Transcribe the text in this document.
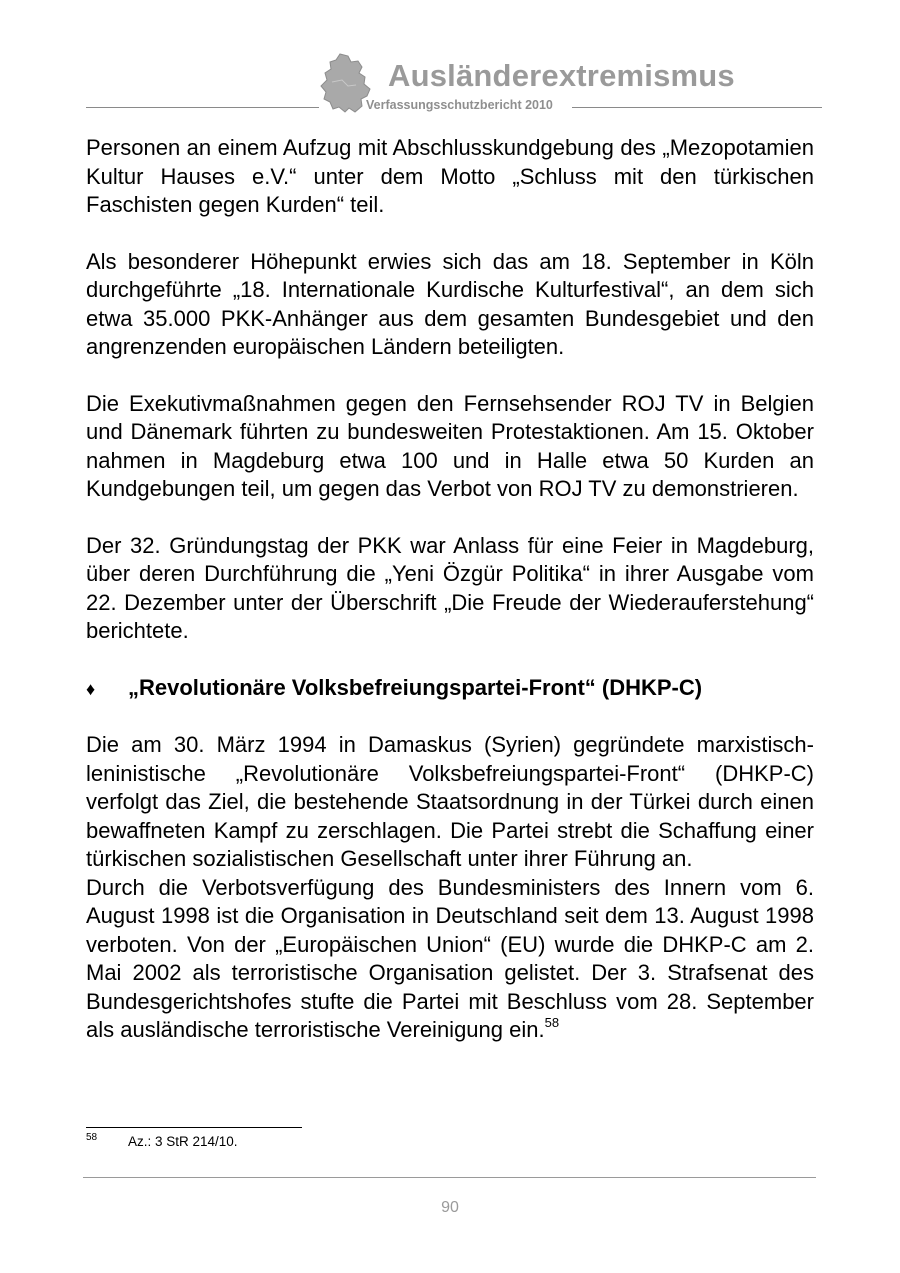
Ausländerextremismus
Verfassungsschutzbericht 2010

Personen an einem Aufzug mit Abschlusskundgebung des „Mezopotamien Kultur Hauses e.V.“ unter dem Motto „Schluss mit den türkischen Faschisten gegen Kurden“ teil.

Als besonderer Höhepunkt erwies sich das am 18. September in Köln durchgeführte „18. Internationale Kurdische Kulturfestival“, an dem sich etwa 35.000 PKK-Anhänger aus dem gesamten Bundesgebiet und den angrenzenden europäischen Ländern beteiligten.

Die Exekutivmaßnahmen gegen den Fernsehsender ROJ TV in Belgien und Dänemark führten zu bundesweiten Protestaktionen. Am 15. Oktober nahmen in Magdeburg etwa 100 und in Halle etwa 50 Kurden an Kundgebungen teil, um gegen das Verbot von ROJ TV zu demonstrieren.

Der 32. Gründungstag der PKK war Anlass für eine Feier in Magdeburg, über deren Durchführung die „Yeni Özgür Politika“ in ihrer Ausgabe vom 22. Dezember unter der Überschrift „Die Freude der Wiederauferstehung“ berichtete.

♦	„Revolutionäre Volksbefreiungspartei-Front“ (DHKP-C)

Die am 30. März 1994 in Damaskus (Syrien) gegründete marxistisch-leninistische „Revolutionäre Volksbefreiungspartei-Front“ (DHKP-C) verfolgt das Ziel, die bestehende Staatsordnung in der Türkei durch einen bewaffneten Kampf zu zerschlagen. Die Partei strebt die Schaffung einer türkischen sozialistischen Gesellschaft unter ihrer Führung an.

Durch die Verbotsverfügung des Bundesministers des Innern vom 6. August 1998 ist die Organisation in Deutschland seit dem 13. August 1998 verboten. Von der „Europäischen Union“ (EU) wurde die DHKP-C am 2. Mai 2002 als terroristische Organisation gelistet. Der 3. Strafsenat des Bundesgerichtshofes stufte die Partei mit Beschluss vom 28. September als ausländische terroristische Vereinigung ein.$^{58}$

58 Az.: 3 StR 214/10.
90
